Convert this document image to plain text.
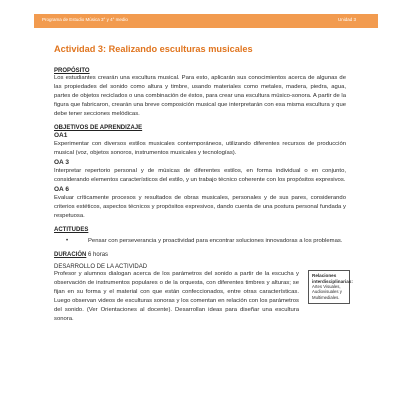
Programa de Estudio Música 3° y 4° medio	Unidad 3
Actividad 3: Realizando esculturas musicales
PROPÓSITO

Los estudiantes crearán una escultura musical. Para esto, aplicarán sus conocimientos acerca de algunas de las propiedades del sonido como altura y timbre, usando materiales como metales, madera, piedra, agua, partes de objetos reciclados o una combinación de éstos, para crear una escultura músico-sonora. A partir de la figura que fabricaron, crearán una breve composición musical que interpretarán con esa misma escultura y que debe tener secciones melódicas.

OBJETIVOS DE APRENDIZAJE
OA1

Experimentar con diversos estilos musicales contemporáneos, utilizando diferentes recursos de producción musical (voz, objetos sonoros, instrumentos musicales y tecnologías).

OA 3

Interpretar repertorio personal y de músicas de diferentes estilos, en forma individual o en conjunto, considerando elementos característicos del estilo, y un trabajo técnico coherente con los propósitos expresivos.

OA 6

Evaluar críticamente procesos y resultados de obras musicales, personales y de sus pares, considerando criterios estéticos, aspectos técnicos y propósitos expresivos, dando cuenta de una postura personal fundada y respetuosa.

ACTITUDES
•	Pensar con perseverancia y proactividad para encontrar soluciones innovadoras a los problemas.
DURACIÓN 6 horas
DESARROLLO DE LA ACTIVIDAD

Profesor y alumnos dialogan acerca de los parámetros del sonido a partir de la escucha y observación de instrumentos populares o de la orquesta, con diferentes timbres y alturas; se fijan en su forma y el material con que están confeccionados, entre otras características. Luego observan videos de esculturas sonoras y los comentan en relación con los parámetros del sonido. (Ver Orientaciones al docente). Desarrollan ideas para diseñar una escultura sonora.

Relaciones interdisciplinarias:
Artes Visuales, Audiovisuales y Multimediales.
